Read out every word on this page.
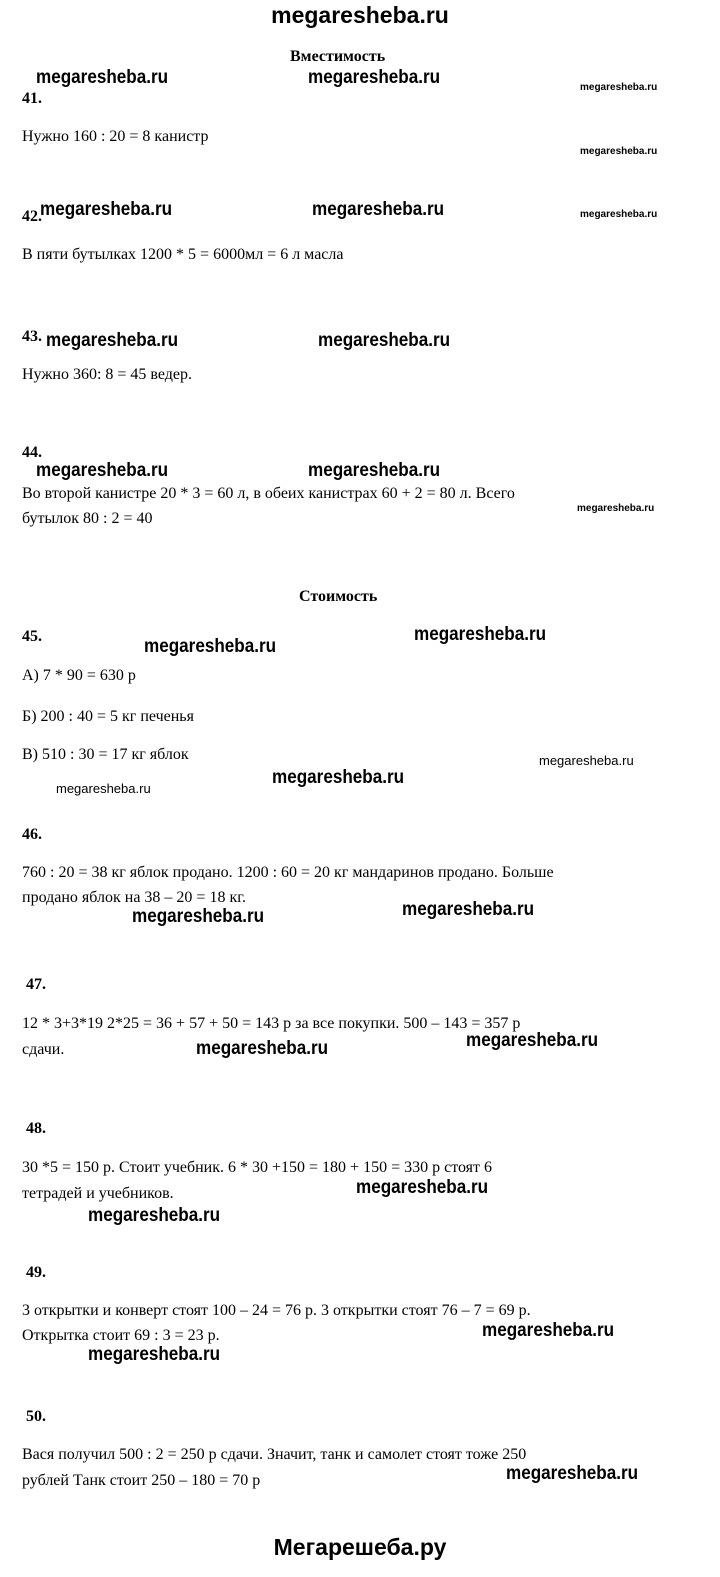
megaresheba.ru
Вместимость
41.
Нужно 160 : 20 = 8 канистр
42.
В пяти бутылках 1200 * 5 = 6000мл = 6 л масла
43.
Нужно 360: 8 = 45 ведер.
44.
Во второй канистре 20 * 3 = 60 л, в обеих канистрах 60 + 2 = 80 л. Всего
бутылок 80 : 2 = 40
Стоимость
45.
А) 7 * 90 = 630 р
Б) 200 : 40 = 5 кг печенья
В) 510 : 30 = 17 кг яблок
46.
760 : 20 = 38 кг яблок продано. 1200 : 60 = 20 кг мандаринов продано. Больше
продано яблок на 38 – 20 = 18 кг.
47.
12 * 3+3*19 2*25 = 36 + 57 + 50 = 143 р за все покупки. 500 – 143 = 357 р
сдачи.
48.
30 *5 = 150 р. Стоит учебник. 6 * 30 +150 = 180 + 150 = 330 р стоят 6
тетрадей и учебников.
49.
3 открытки и конверт стоят 100 – 24 = 76 р. 3 открытки стоят 76 – 7 = 69 р.
Открытка стоит 69 : 3 = 23 р.
50.
Вася получил 500 : 2 = 250 р сдачи. Значит, танк и самолет стоят тоже 250
рублей Танк стоит 250 – 180 = 70 р
megaresheba.ru	megaresheba.ru
megaresheba.ru	megaresheba.ru
megaresheba.ru	megaresheba.ru
megaresheba.ru	megaresheba.ru
megaresheba.ru
megaresheba.ru
megaresheba.ru
megaresheba.ru	megaresheba.ru
megaresheba.ru	megaresheba.ru
megaresheba.ru
megaresheba.ru
megaresheba.ru
megaresheba.ru
megaresheba.ru
megaresheba.ru
megaresheba.ru
megaresheba.ru
megaresheba.ru
megaresheba.ru
megaresheba.ru
Мегарешеба.ру
